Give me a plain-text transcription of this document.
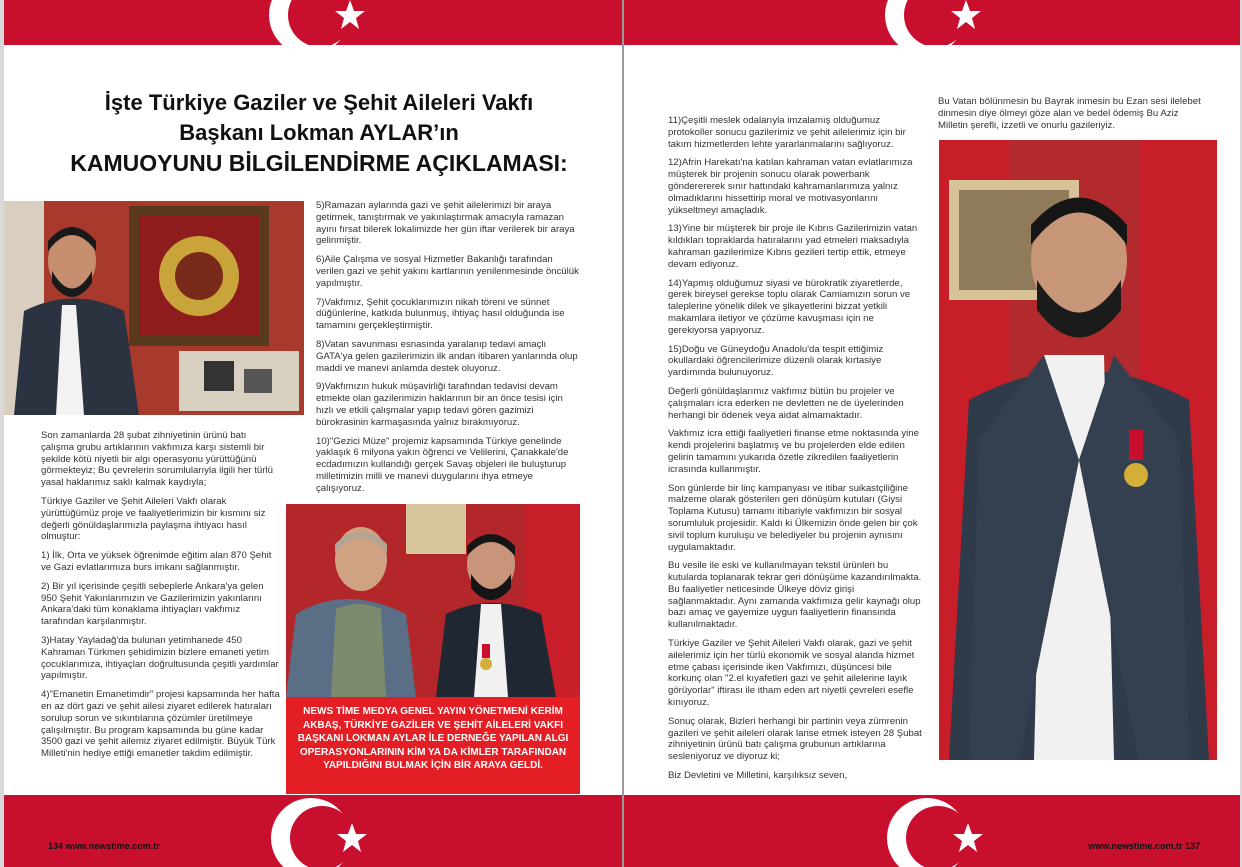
İşte Türkiye Gaziler ve Şehit Aileleri Vakfı
Başkanı Lokman AYLAR’ın
KAMUOYUNU BİLGİLENDİRME AÇIKLAMASI:

Son zamanlarda 28 şubat zihniyetinin ürünü batı çalışma grubu artıklarının vakfımıza karşı sistemli bir şekilde kötü niyetli bir algı operasyonu yürüttüğünü görmekteyiz; Bu çevrelerin sorumlularıyla ilgili her türlü yasal haklarımız saklı kalmak kaydıyla;

Türkiye Gaziler ve Şehit Aileleri Vakfı olarak yürüttüğümüz proje ve faaliyetlerimizin bir kısmını siz değerli gönüldaşlarımızla paylaşma ihtiyacı hasıl olmuştur:

1) İlk, Orta ve yüksek öğrenimde eğitim alan 870 Şehit ve Gazi evlatlarımıza burs imkanı sağlanmıştır.

2) Bir yıl içerisinde çeşitli sebeplerle Ankara'ya gelen 950 Şehit Yakınlarımızın ve Gazilerimizin yakınlarını Ankara'daki tüm konaklama ihtiyaçları vakfımız tarafından karşılanmıştır.

3)Hatay Yayladağ'da bulunan yetimhanede 450 Kahraman Türkmen şehidimizin bizlere emaneti yetim çocuklarımıza, ihtiyaçları doğrultusunda çeşitli yardımlar yapılmıştır.

4)"Emanetin Emanetimdir" projesi kapsamında her hafta en az dört gazi ve şehit ailesi ziyaret edilerek hatıraları sorulup sorun ve sıkıntılarına çözümler üretilmeye çalışılmıştır. Bu program kapsamında bu güne kadar 3500 gazi ve şehit ailemiz ziyaret edilmiştir. Büyük Türk Milleti'nin hediye ettiği emanetler takdim edilmiştir.

5)Ramazan aylarında gazi ve şehit ailelerimizi bir araya getirmek, tanıştırmak ve yakınlaştırmak amacıyla ramazan ayını fırsat bilerek lokalimizde her gün iftar verilerek bir araya gelinmiştir.

6)Aile Çalışma ve sosyal Hizmetler Bakanlığı tarafından verilen gazi ve şehit yakını kartlarının yenilenmesinde öncülük yapılmıştır.

7)Vakfımız, Şehit çocuklarımızın nikah töreni ve sünnet düğünlerine, katkıda bulunmuş, ihtiyaç hasıl olduğunda ise tamamını gerçekleştirmiştir.

8)Vatan savunması esnasında yaralanıp tedavi amaçlı GATA'ya gelen gazilerimizin ilk andan itibaren yanlarında olup maddi ve manevi anlamda destek oluyoruz.

9)Vakfımızın hukuk müşavirliği tarafından tedavisi devam etmekte olan gazilerimizin haklarının bir an önce tesisi için hızlı ve etkili çalışmalar yapıp tedavi gören gazimizi bürokrasinin karmaşasında yalnız bırakmıyoruz.

10)"Gezici Müze" projemiz kapsamında Türkiye genelinde yaklaşık 6 milyona yakın öğrenci ve Velilerini, Çanakkale'de ecdadımızın kullandığı gerçek Savaş objeleri ile buluşturup milletimizin milli ve manevi duygularını ihya etmeye çalışıyoruz.

NEWS TİME MEDYA GENEL YAYIN YÖNETMENİ KERİM AKBAŞ, TÜRKİYE GAZİLER VE ŞEHİT AİLELERİ VAKFI BAŞKANI LOKMAN AYLAR İLE DERNEĞE YAPILAN ALGI OPERASYONLARININ KİM YA DA KİMLER TARAFINDAN YAPILDIĞINI BULMAK İÇİN BİR ARAYA GELDİ.
134 www.newstime.com.tr

11)Çeşitli meslek odalarıyla imzalamış olduğumuz protokoller sonucu gazilerimiz ve şehit ailelerimiz için bir takım hizmetlerden lehte yararlanmalarını sağlıyoruz.

12)Afrin Harekatı'na katılan kahraman vatan evlatlarımıza müşterek bir projenin sonucu olarak powerbank gönderererek sınır hattındaki kahramanlarımıza yalnız olmadıklarını hissettirip moral ve motivasyonlarını yükseltmeyi amaçladık.

13)Yine bir müşterek bir proje ile Kıbrıs Gazilerimizin vatan kıldıkları topraklarda hatıralarını yad etmeleri maksadıyla kahraman gazilerimize Kıbrıs gezileri tertip ettik, etmeye devam ediyoruz.

14)Yapmış olduğumuz siyasi ve bürokratik ziyaretlerde, gerek bireysel gerekse toplu olarak Camiamızın sorun ve taleplerine yönelik dilek ve şikayetlerini bizzat yetkili makamlara iletiyor ve çözüme kavuşması için ne gerekiyorsa yapıyoruz.

15)Doğu ve Güneydoğu Anadolu'da tespit ettiğimiz okullardaki öğrencilerimize düzenli olarak kırtasiye yardımında bulunuyoruz.

Değerli gönüldaşlarımız vakfımız bütün bu projeler ve çalışmaları icra ederken ne devletten ne de üyelerinden herhangi bir ödenek veya aidat almamaktadır.

Vakfımız icra ettiği faaliyetleri finanse etme noktasında yine kendi projelerini başlatmış ve bu projelerden elde edilen gelirin tamamını yukarıda özetle zikredilen faaliyetlerin icrasında kullanmıştır.

Son günlerde bir linç kampanyası ve itibar suikastçiliğine malzeme olarak gösterilen geri dönüşüm kutuları (Giysi Toplama Kutusu) tamamı itibariyle vakfımızın bir sosyal sorumluluk projesidir. Kaldı ki Ülkemizin önde gelen bir çok sivil toplum kuruluşu ve belediyeler bu projenin aynısını uygulamaktadır.

Bu vesile ile eski ve kullanılmayan tekstil ürünleri bu kutularda toplanarak tekrar geri dönüşüme kazandırılmakta. Bu faaliyetler neticesinde Ülkeye döviz girişi sağlanmaktadır. Aynı zamanda vakfımıza gelir kaynağı olup bazı amaç ve gayemize uygun faaliyetlerin finansında kullanılmaktadır.

Türkiye Gaziler ve Şehit Aileleri Vakfı olarak, gazi ve şehit ailelerimiz için her türlü ekonomik ve sosyal alanda hizmet etme çabası içerisinde iken Vakfımızı, düşüncesi bile korkunç olan "2.el kıyafetleri gazi ve şehit ailelerine layık görüyorlar" iftirası ile itham eden art niyetli çevreleri esefle kınıyoruz.

Sonuç olarak, Bizleri herhangi bir partinin veya zümrenin gazileri ve şehit aileleri olarak lanse etmek isteyen 28 Şubat zihniyetinin ürünü batı çalışma grubunun artıklarına sesleniyoruz ve diyoruz ki;

Biz Devletini ve Milletini, karşılıksız seven,

Bu Vatan bölünmesin bu Bayrak inmesin bu Ezan sesi ilelebet dinmesin diye ölmeyi göze alan ve bedel ödemiş Bu Aziz Milletin şerefli, izzetli ve onurlu gazileriyiz.
www.newstime.com.tr 137
